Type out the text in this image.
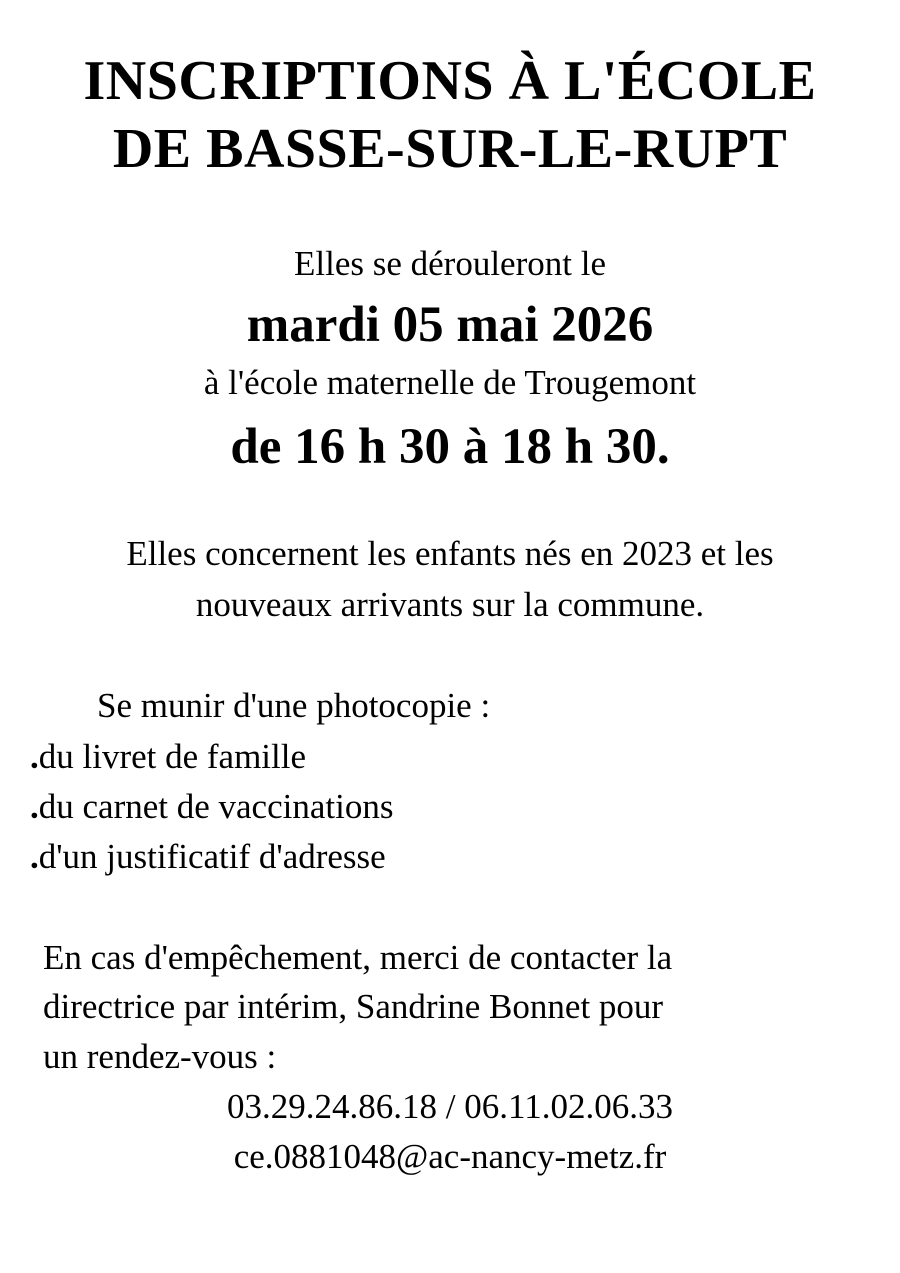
INSCRIPTIONS À L'ÉCOLE

DE BASSE-SUR-LE-RUPT

Elles se dérouleront le

mardi 05 mai 2026

à l'école maternelle de Trougemont

de 16 h 30 à 18 h 30.

Elles concernent les enfants nés en 2023 et les

nouveaux arrivants sur la commune.

Se munir d'une photocopie :

.du livret de famille
.du carnet de vaccinations
.d'un justificatif d'adresse

En cas d'empêchement, merci de contacter la

directrice par intérim, Sandrine Bonnet pour

un rendez-vous :

03.29.24.86.18 / 06.11.02.06.33

ce.0881048@ac-nancy-metz.fr
